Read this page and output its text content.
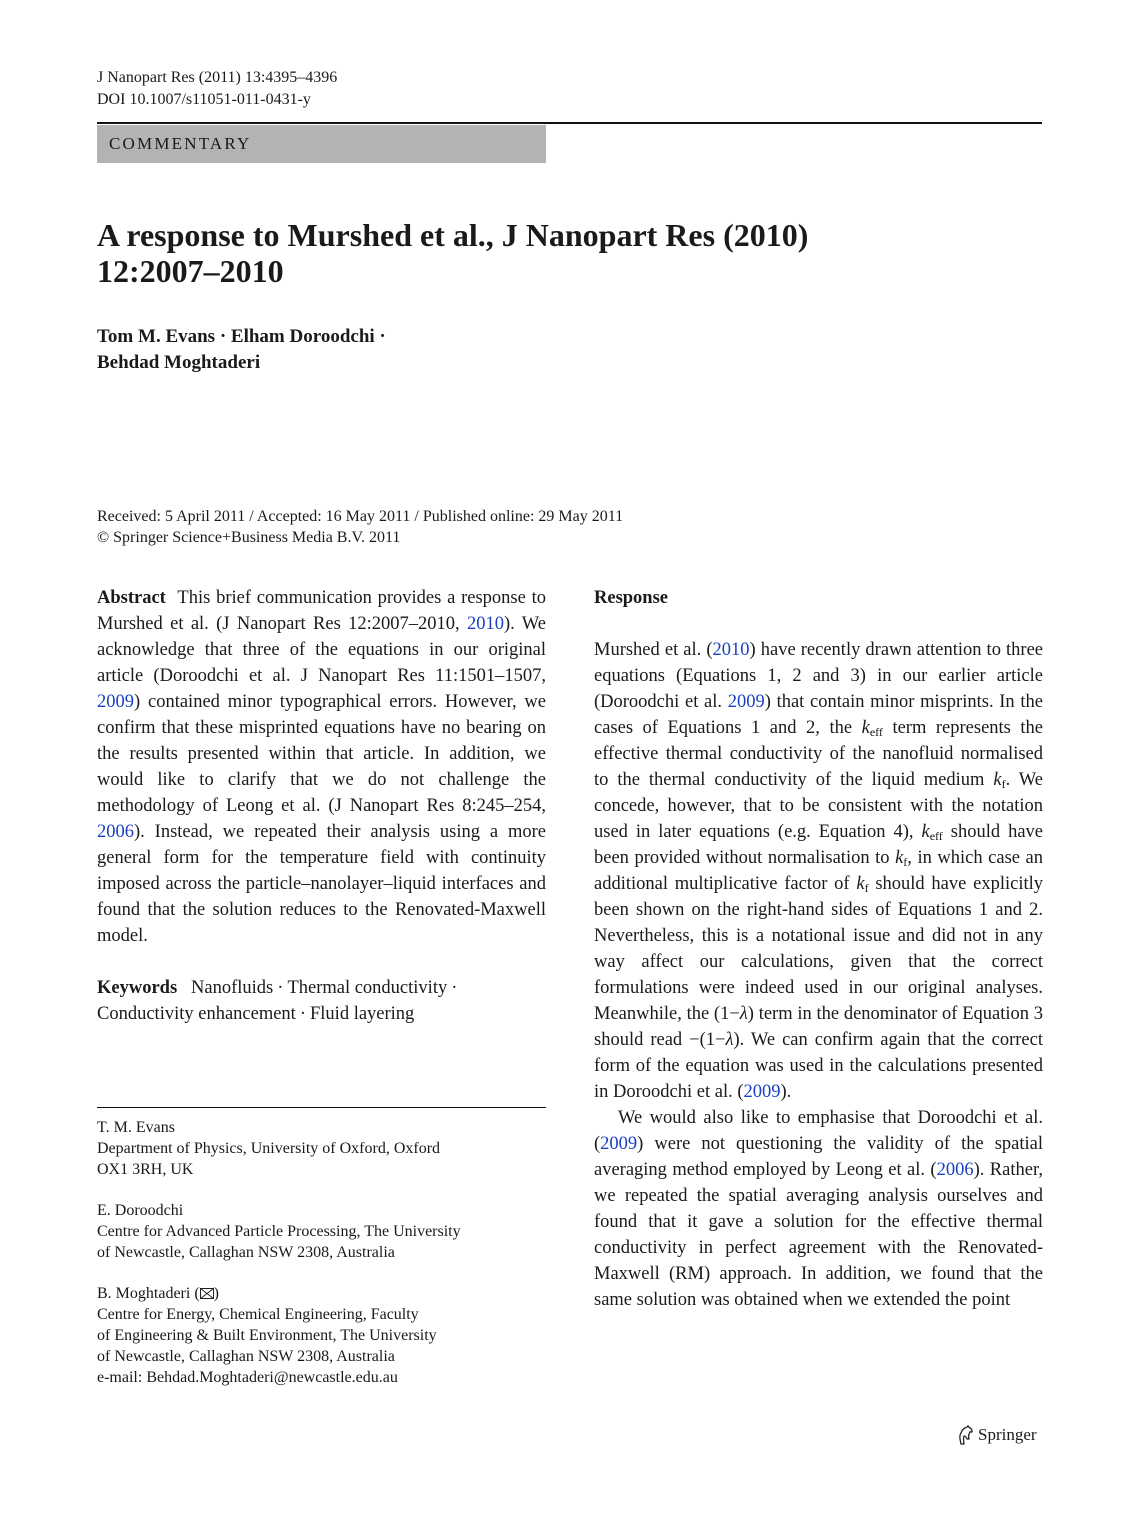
J Nanopart Res (2011) 13:4395–4396
DOI 10.1007/s11051-011-0431-y
COMMENTARY
A response to Murshed et al., J Nanopart Res (2010)
12:2007–2010
Tom M. Evans · Elham Doroodchi ·
Behdad Moghtaderi
Received: 5 April 2011 / Accepted: 16 May 2011 / Published online: 29 May 2011
© Springer Science+Business Media B.V. 2011

Abstract This brief communication provides a response to Murshed et al. (J Nanopart Res 12:2007–2010, 2010). We acknowledge that three of the equations in our original article (Doroodchi et al. J Nanopart Res 11:1501–1507, 2009) contained minor typographical errors. However, we confirm that these misprinted equations have no bearing on the results presented within that article. In addition, we would like to clarify that we do not challenge the methodology of Leong et al. (J Nanopart Res 8:245–254, 2006). Instead, we repeated their analysis using a more general form for the temperature field with continuity imposed across the particle–nanolayer–liquid interfaces and found that the solution reduces to the Renovated-Maxwell model.

Keywords Nanofluids · Thermal conductivity ·
Conductivity enhancement · Fluid layering

T. M. Evans
Department of Physics, University of Oxford, Oxford
OX1 3RH, UK
E. Doroodchi
Centre for Advanced Particle Processing, The University
of Newcastle, Callaghan NSW 2308, Australia
B. Moghtaderi ( )
Centre for Energy, Chemical Engineering, Faculty
of Engineering & Built Environment, The University
of Newcastle, Callaghan NSW 2308, Australia
e-mail: Behdad.Moghtaderi@newcastle.edu.au

Response

Murshed et al. (2010) have recently drawn attention to three equations (Equations 1, 2 and 3) in our earlier article (Doroodchi et al. 2009) that contain minor misprints. In the cases of Equations 1 and 2, the $k_{eff}$ term represents the effective thermal conductivity of the nanofluid normalised to the thermal conductivity of the liquid medium $k_f$. We concede, however, that to be consistent with the notation used in later equations (e.g. Equation 4), $k_{eff}$ should have been provided without normalisation to $k_f$, in which case an additional multiplicative factor of $k_f$ should have explicitly been shown on the right-hand sides of Equations 1 and 2. Nevertheless, this is a notational issue and did not in any way affect our calculations, given that the correct formulations were indeed used in our original analyses. Meanwhile, the (1−λ) term in the denominator of Equation 3 should read −(1−λ). We can confirm again that the correct form of the equation was used in the calculations presented in Doroodchi et al. (2009).

We would also like to emphasise that Doroodchi et al. (2009) were not questioning the validity of the spatial averaging method employed by Leong et al. (2006). Rather, we repeated the spatial averaging analysis ourselves and found that it gave a solution for the effective thermal conductivity in perfect agreement with the Renovated-Maxwell (RM) approach. In addition, we found that the same solution was obtained when we extended the point

Springer
